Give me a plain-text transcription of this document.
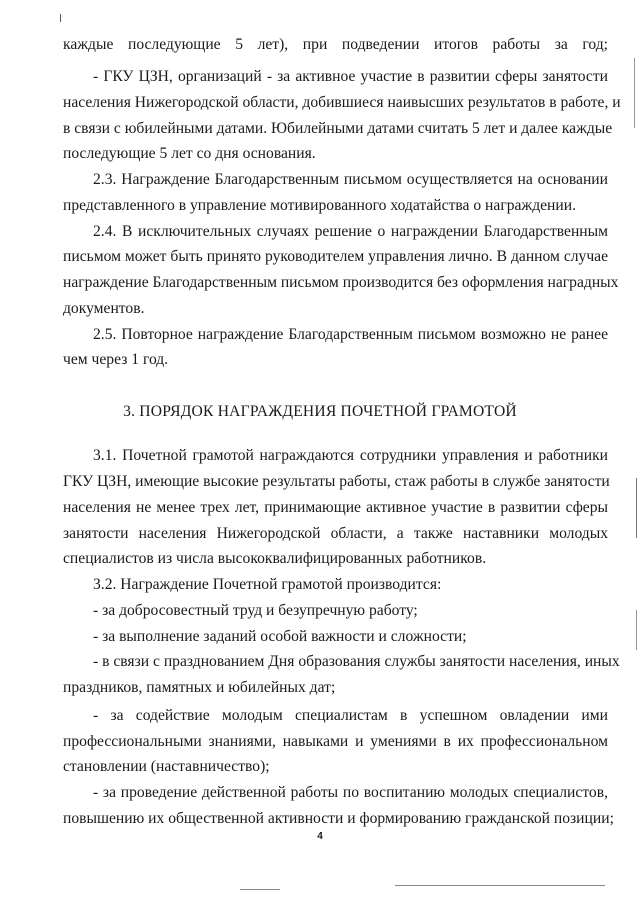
каждые последующие 5 лет), при подведении итогов работы за год;
- ГКУ ЦЗН, организаций - за активное участие в развитии сферы занятости
населения Нижегородской области, добившиеся наивысших результатов в работе, и
в связи с юбилейными датами. Юбилейными датами считать 5 лет и далее каждые
последующие 5 лет со дня основания.
2.3. Награждение Благодарственным письмом осуществляется на основании
представленного в управление мотивированного ходатайства о награждении.
2.4. В исключительных случаях решение о награждении Благодарственным
письмом может быть принято руководителем управления лично. В данном случае
награждение Благодарственным письмом производится без оформления наградных
документов.
2.5. Повторное награждение Благодарственным письмом возможно не ранее
чем через 1 год.
3. ПОРЯДОК НАГРАЖДЕНИЯ ПОЧЕТНОЙ ГРАМОТОЙ
3.1. Почетной грамотой награждаются сотрудники управления и работники
ГКУ ЦЗН, имеющие высокие результаты работы, стаж работы в службе занятости
населения не менее трех лет, принимающие активное участие в развитии сферы
занятости населения Нижегородской области, а также наставники молодых
специалистов из числа высококвалифицированных работников.
3.2. Награждение Почетной грамотой производится:
- за добросовестный труд и безупречную работу;
- за выполнение заданий особой важности и сложности;
- в связи с празднованием Дня образования службы занятости населения, иных
праздников, памятных и юбилейных дат;
- за содействие молодым специалистам в успешном овладении ими
профессиональными знаниями, навыками и умениями в их профессиональном
становлении (наставничество);
- за проведение действенной работы по воспитанию молодых специалистов,
повышению их общественной активности и формированию гражданской позиции;
4
